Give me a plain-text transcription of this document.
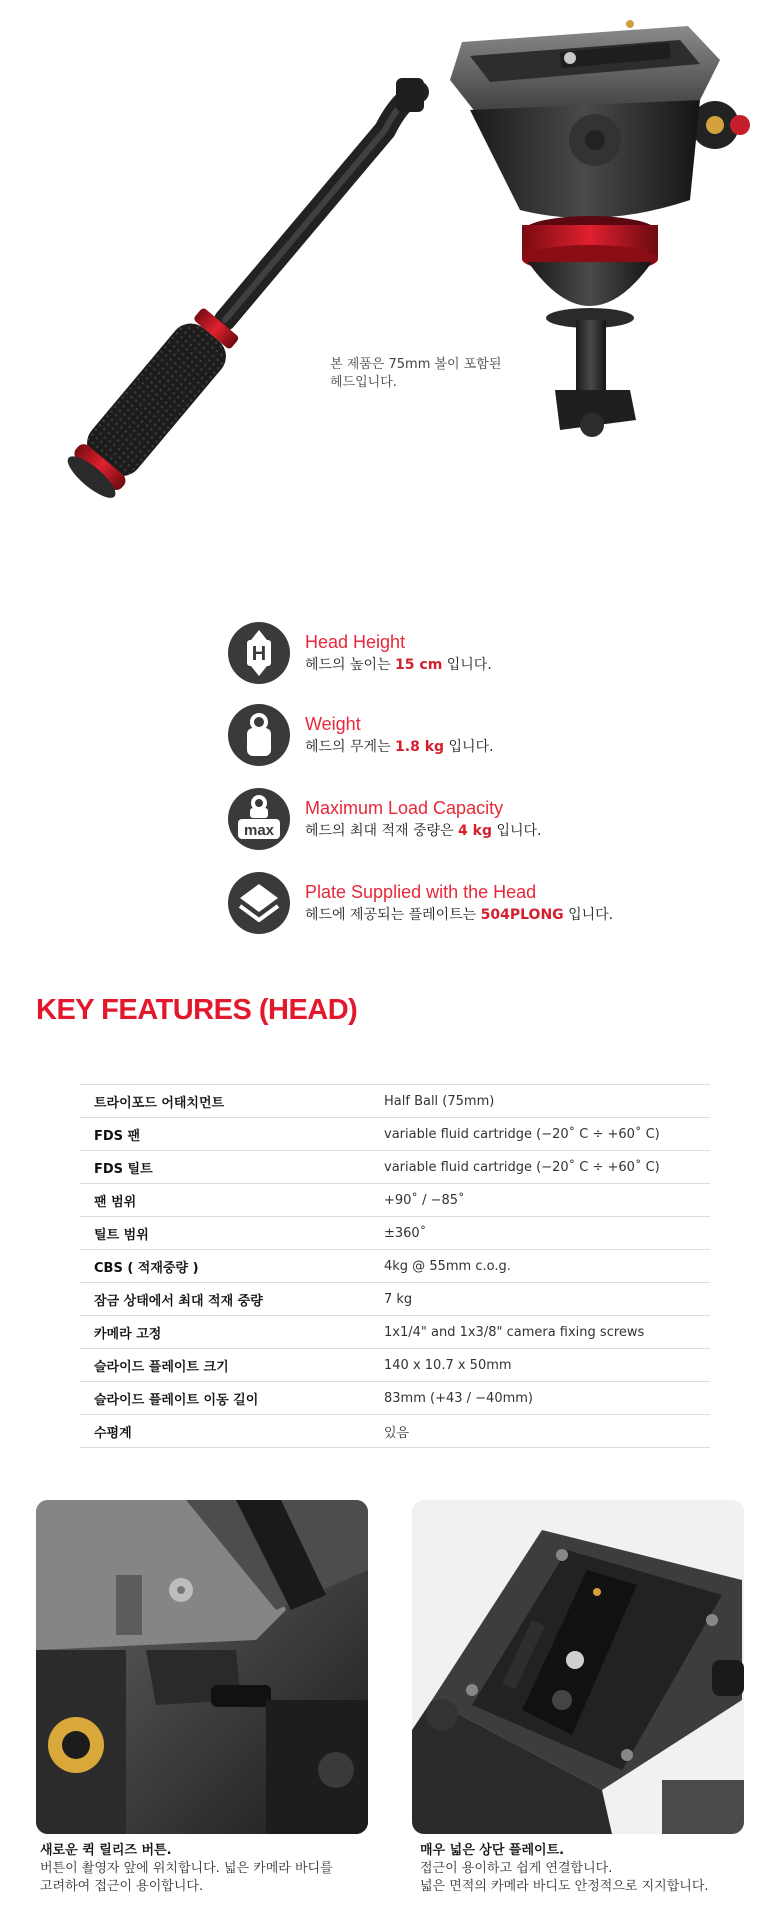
본 제품은 75mm 볼이 포함된
헤드입니다.
H
Head Height
헤드의 높이는 15 cm 입니다.
Weight
헤드의 무게는 1.8 kg 입니다.
max
Maximum Load Capacity
헤드의 최대 적재 중량은 4 kg 입니다.
Plate Supplied with the Head
헤드에 제공되는 플레이트는 504PLONG 입니다.
KEY FEATURES (HEAD)
트라이포드 어태치먼트	Half Ball (75mm)
FDS 팬	variable fluid cartridge (−20˚ C ÷ +60˚ C)
FDS 틸트	variable fluid cartridge (−20˚ C ÷ +60˚ C)
팬 범위	+90˚ / −85˚
틸트 범위	±360˚
CBS ( 적재중량 )	4kg @ 55mm c.o.g.
잠금 상태에서 최대 적재 중량	7 kg
카메라 고정	1x1/4" and 1x3/8" camera fixing screws
슬라이드 플레이트 크기	140 x 10.7 x 50mm
슬라이드 플레이트 이동 길이	83mm (+43 / −40mm)
수평계	있음
새로운 퀵 릴리즈 버튼.
버튼이 촬영자 앞에 위치합니다. 넓은 카메라 바디를
고려하여 접근이 용이합니다.
매우 넓은 상단 플레이트.
접근이 용이하고 쉽게 연결합니다.
넓은 면적의 카메라 바디도 안정적으로 지지합니다.
